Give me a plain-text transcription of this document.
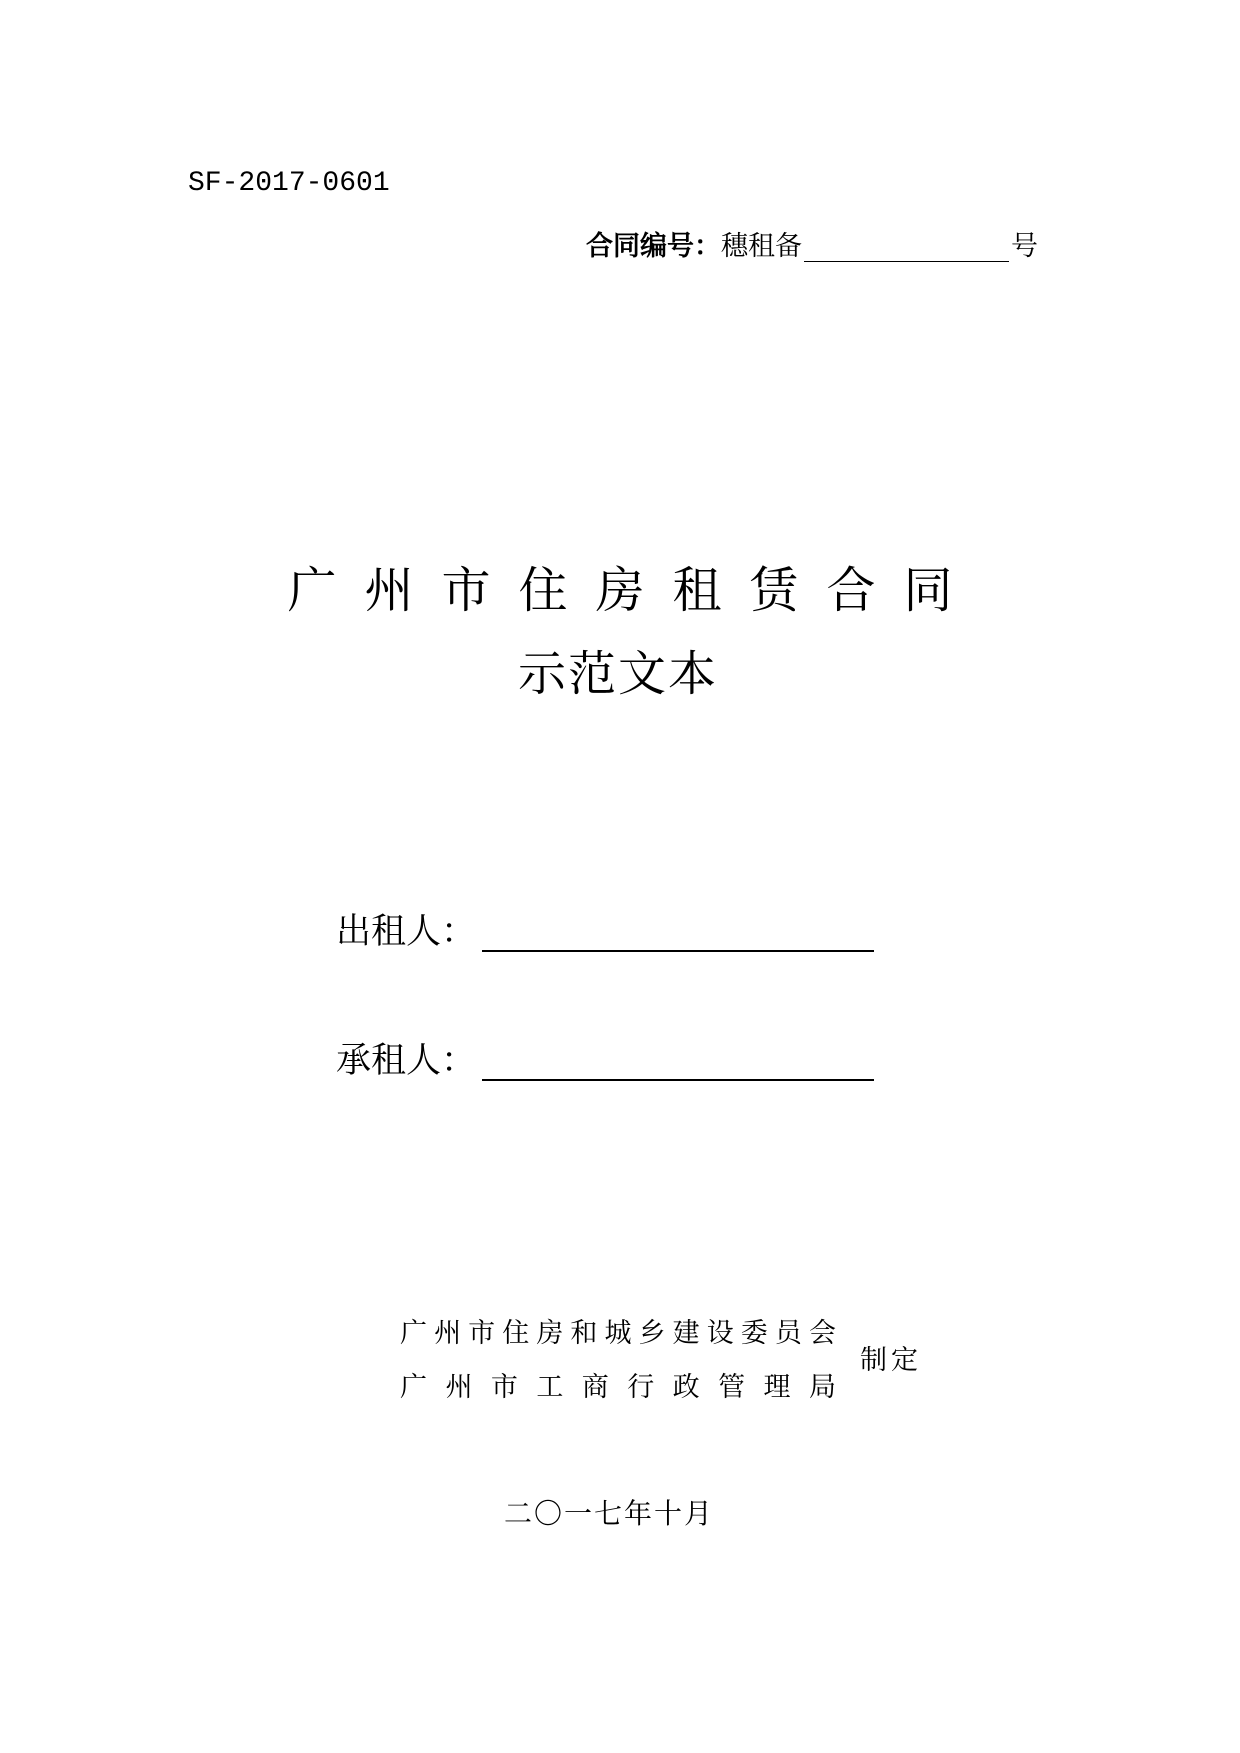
SF-2017-0601
合同编号： 穗租备	号
广州市住房租赁合同
示范文本
出租人：
承租人：
广 州 市 住 房 和 城 乡 建 设 委 员 会
广 州 市 工 商 行 政 管 理 局
制定
二〇一七年十月
